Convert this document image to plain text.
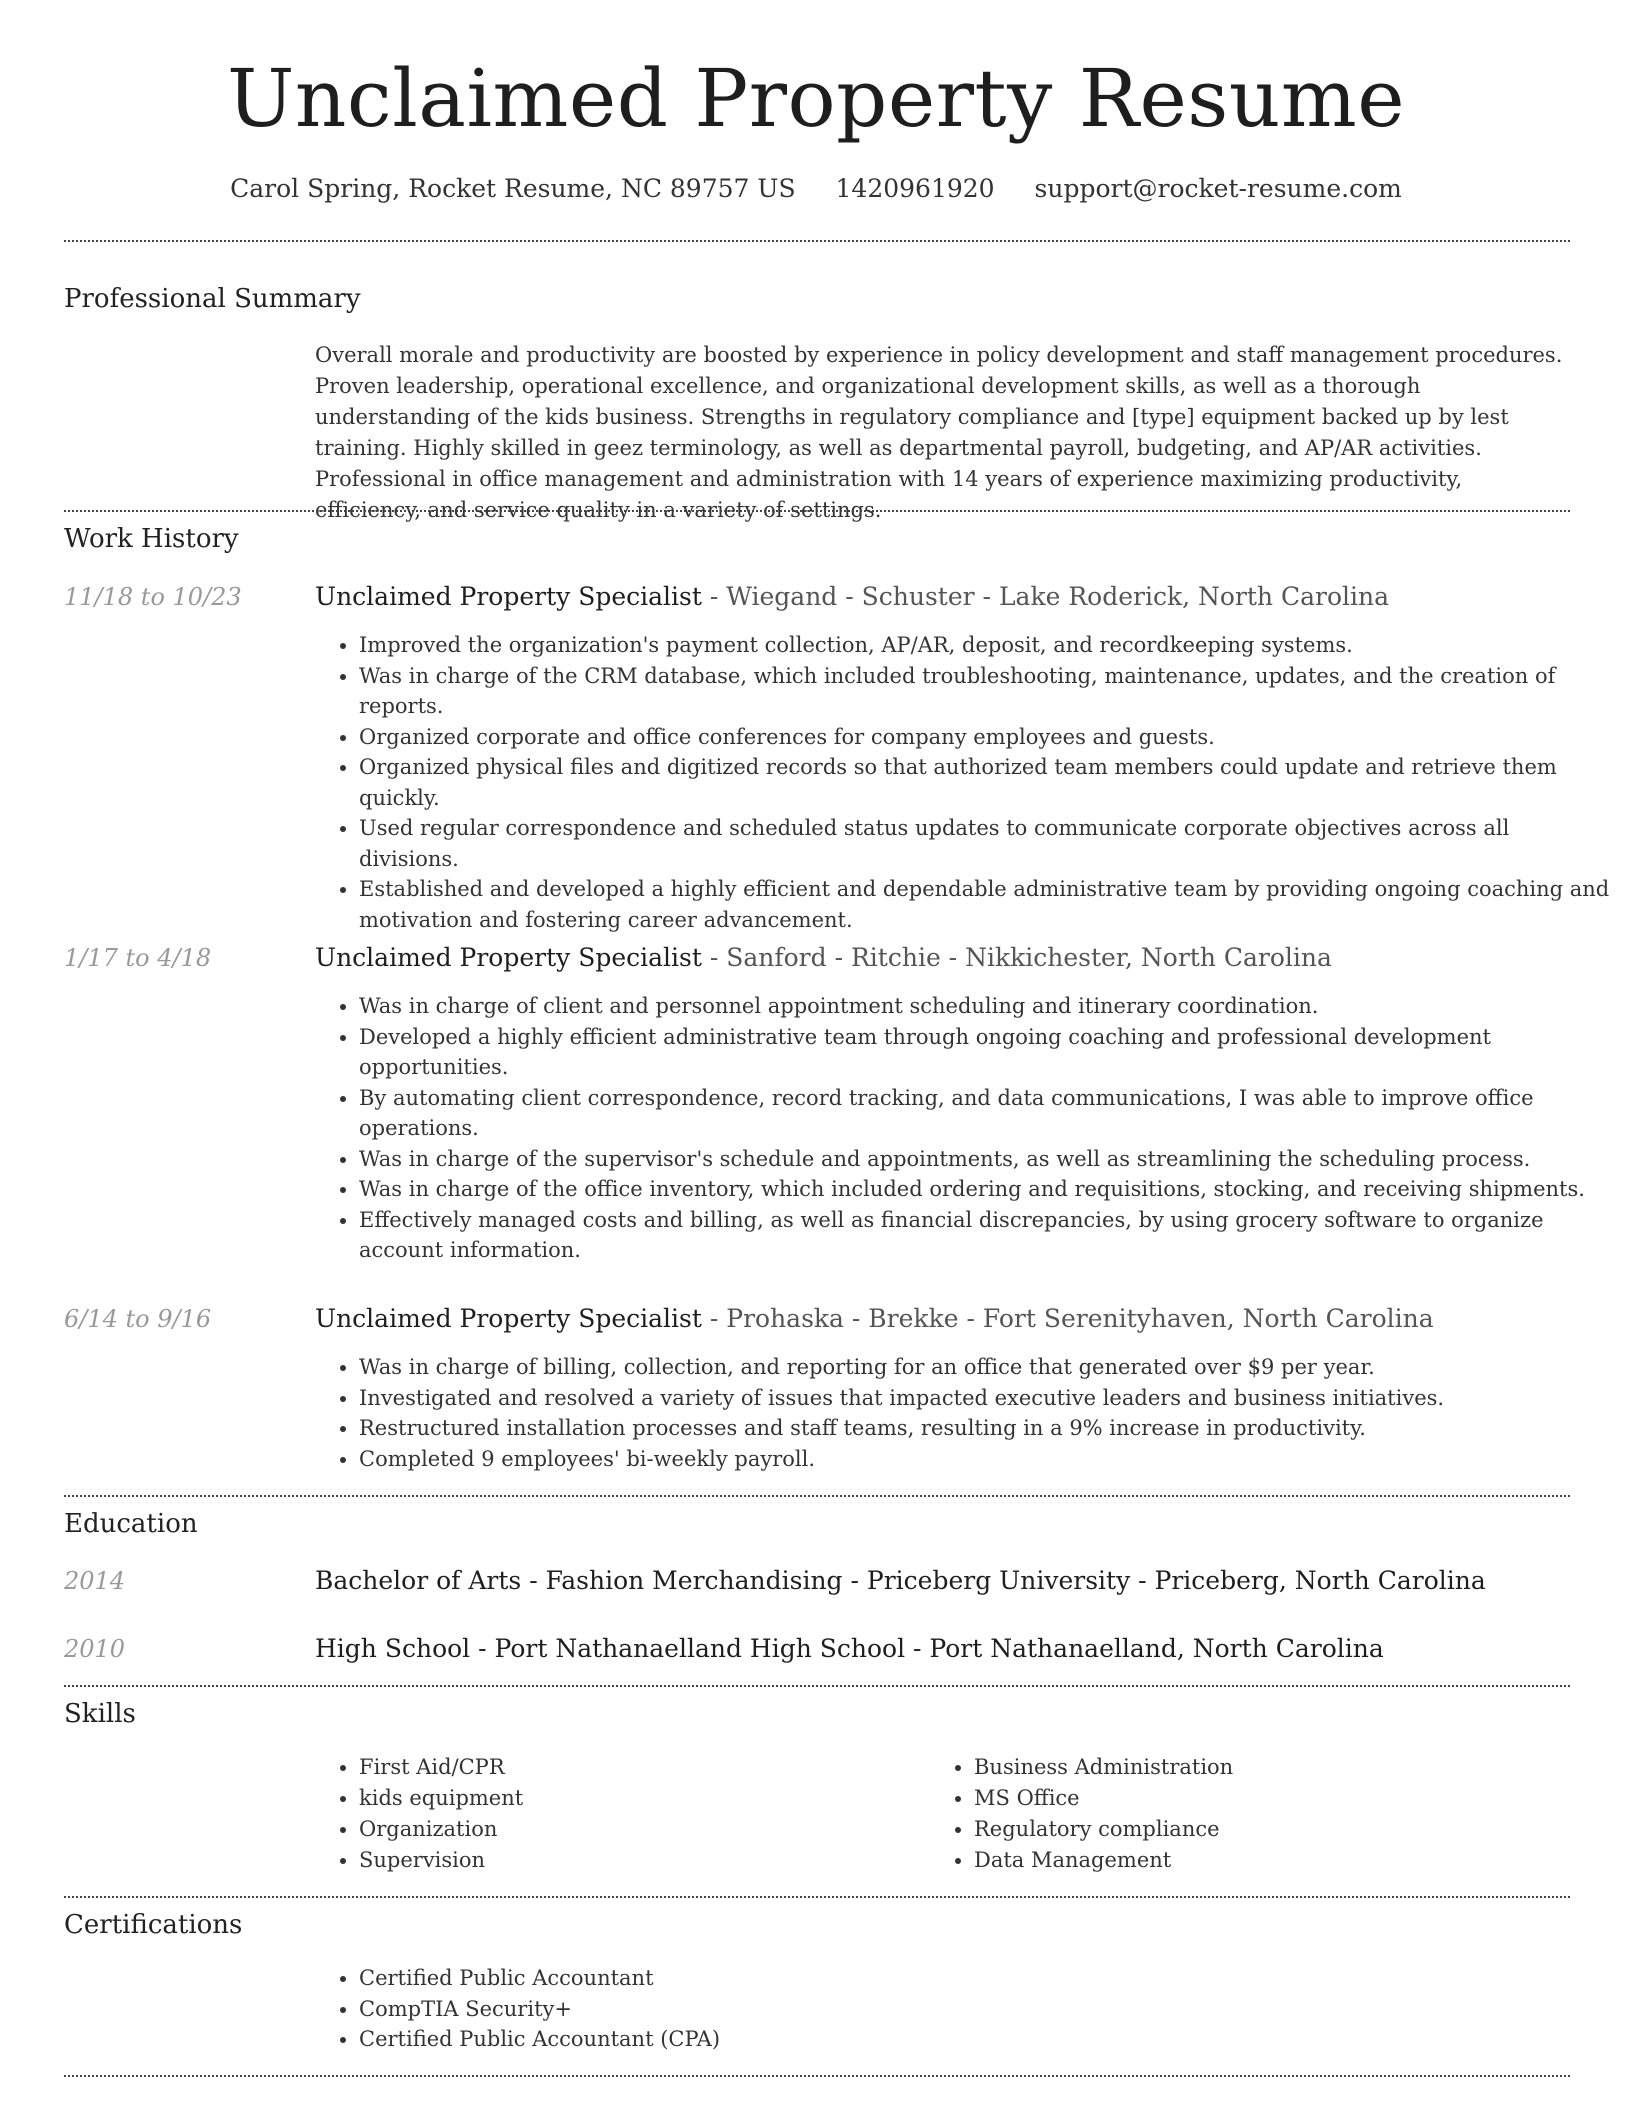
Unclaimed Property Resume
Carol Spring, Rocket Resume, NC 89757 US 1420961920 support@rocket-resume.com
Professional Summary

Overall morale and productivity are boosted by experience in policy development and staff management procedures. Proven leadership, operational excellence, and organizational development skills, as well as a thorough understanding of the kids business. Strengths in regulatory compliance and [type] equipment backed up by lest training. Highly skilled in geez terminology, as well as departmental payroll, budgeting, and AP/AR activities. Professional in office management and administration with 14 years of experience maximizing productivity, efficiency, and service quality in a variety of settings.

Work History
11/18 to 10/23	Unclaimed Property Specialist - Wiegand - Schuster - Lake Roderick, North Carolina
• Improved the organization's payment collection, AP/AR, deposit, and recordkeeping systems.
• Was in charge of the CRM database, which included troubleshooting, maintenance, updates, and the creation of reports.
• Organized corporate and office conferences for company employees and guests.
• Organized physical files and digitized records so that authorized team members could update and retrieve them quickly.
• Used regular correspondence and scheduled status updates to communicate corporate objectives across all divisions.
• Established and developed a highly efficient and dependable administrative team by providing ongoing coaching and motivation and fostering career advancement.
1/17 to 4/18	Unclaimed Property Specialist - Sanford - Ritchie - Nikkichester, North Carolina
• Was in charge of client and personnel appointment scheduling and itinerary coordination.
• Developed a highly efficient administrative team through ongoing coaching and professional development opportunities.
• By automating client correspondence, record tracking, and data communications, I was able to improve office operations.
• Was in charge of the supervisor's schedule and appointments, as well as streamlining the scheduling process.
• Was in charge of the office inventory, which included ordering and requisitions, stocking, and receiving shipments.
• Effectively managed costs and billing, as well as financial discrepancies, by using grocery software to organize account information.
6/14 to 9/16	Unclaimed Property Specialist - Prohaska - Brekke - Fort Serenityhaven, North Carolina
• Was in charge of billing, collection, and reporting for an office that generated over $9 per year.
• Investigated and resolved a variety of issues that impacted executive leaders and business initiatives.
• Restructured installation processes and staff teams, resulting in a 9% increase in productivity.
• Completed 9 employees' bi-weekly payroll.
Education
2014	Bachelor of Arts - Fashion Merchandising - Priceberg University - Priceberg, North Carolina
2010	High School - Port Nathanaelland High School - Port Nathanaelland, North Carolina
Skills
• First Aid/CPR
• kids equipment
• Organization
• Supervision
• Business Administration
• MS Office
• Regulatory compliance
• Data Management
Certifications
• Certified Public Accountant
• CompTIA Security+
• Certified Public Accountant (CPA)
